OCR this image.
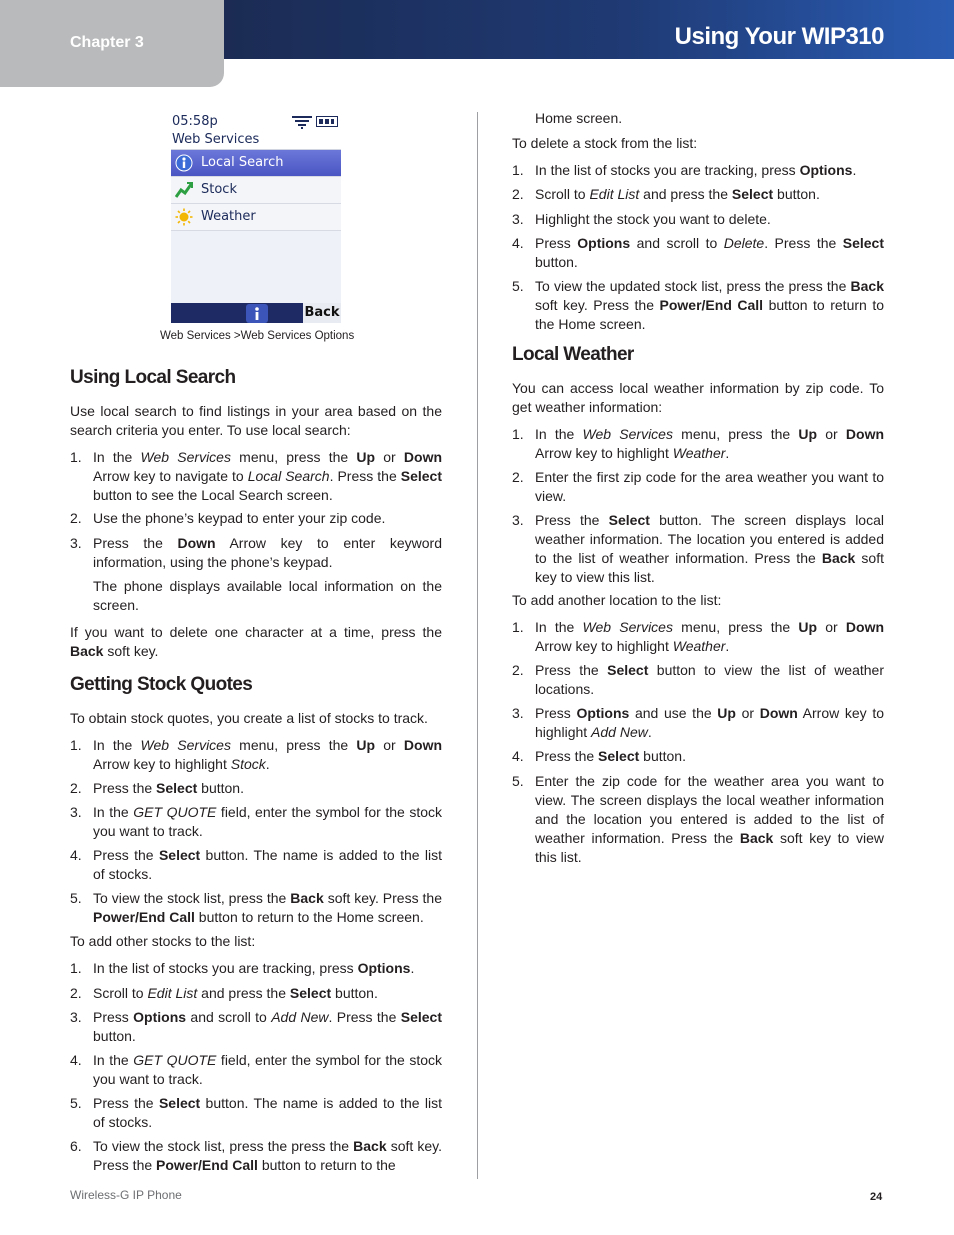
Chapter 3	Using Your WIP310
05:58p
Web Services
Local Search
Stock
Weather
Back
Web Services >Web Services Options
Using Local Search

Use local search to find listings in your area based on the search criteria you enter. To use local search:

1. In the Web Services menu, press the Up or Down Arrow key to navigate to Local Search. Press the Select button to see the Local Search screen.
2. Use the phone’s keypad to enter your zip code.
3. Press the Down Arrow key to enter keyword information, using the phone’s keypad.
The phone displays available local information on the screen.

If you want to delete one character at a time, press the Back soft key.

Getting Stock Quotes

To obtain stock quotes, you create a list of stocks to track.

1. In the Web Services menu, press the Up or Down Arrow key to highlight Stock.
2. Press the Select button.
3. In the GET QUOTE field, enter the symbol for the stock you want to track.
4. Press the Select button. The name is added to the list of stocks.
5. To view the stock list, press the Back soft key. Press the Power/End Call button to return to the Home screen.

To add other stocks to the list:

1. In the list of stocks you are tracking, press Options.
2. Scroll to Edit List and press the Select button.
3. Press Options and scroll to Add New. Press the Select button.
4. In the GET QUOTE field, enter the symbol for the stock you want to track.
5. Press the Select button. The name is added to the list of stocks.
6. To view the stock list, press the press the Back soft key. Press the Power/End Call button to return to the
Home screen.

To delete a stock from the list:

1. In the list of stocks you are tracking, press Options.
2. Scroll to Edit List and press the Select button.
3. Highlight the stock you want to delete.
4. Press Options and scroll to Delete. Press the Select button.
5. To view the updated stock list, press the press the Back soft key. Press the Power/End Call button to return to the Home screen.
Local Weather

You can access local weather information by zip code. To get weather information:

1. In the Web Services menu, press the Up or Down Arrow key to highlight Weather.
2. Enter the first zip code for the area weather you want to view.
3. Press the Select button. The screen displays local weather information. The location you entered is added to the list of weather information. Press the Back soft key to view this list.

To add another location to the list:

1. In the Web Services menu, press the Up or Down Arrow key to highlight Weather.
2. Press the Select button to view the list of weather locations.
3. Press Options and use the Up or Down Arrow key to highlight Add New.
4. Press the Select button.
5. Enter the zip code for the weather area you want to view. The screen displays the local weather information and the location you entered is added to the list of weather information. Press the Back soft key to view this list.
Wireless-G IP Phone	24
